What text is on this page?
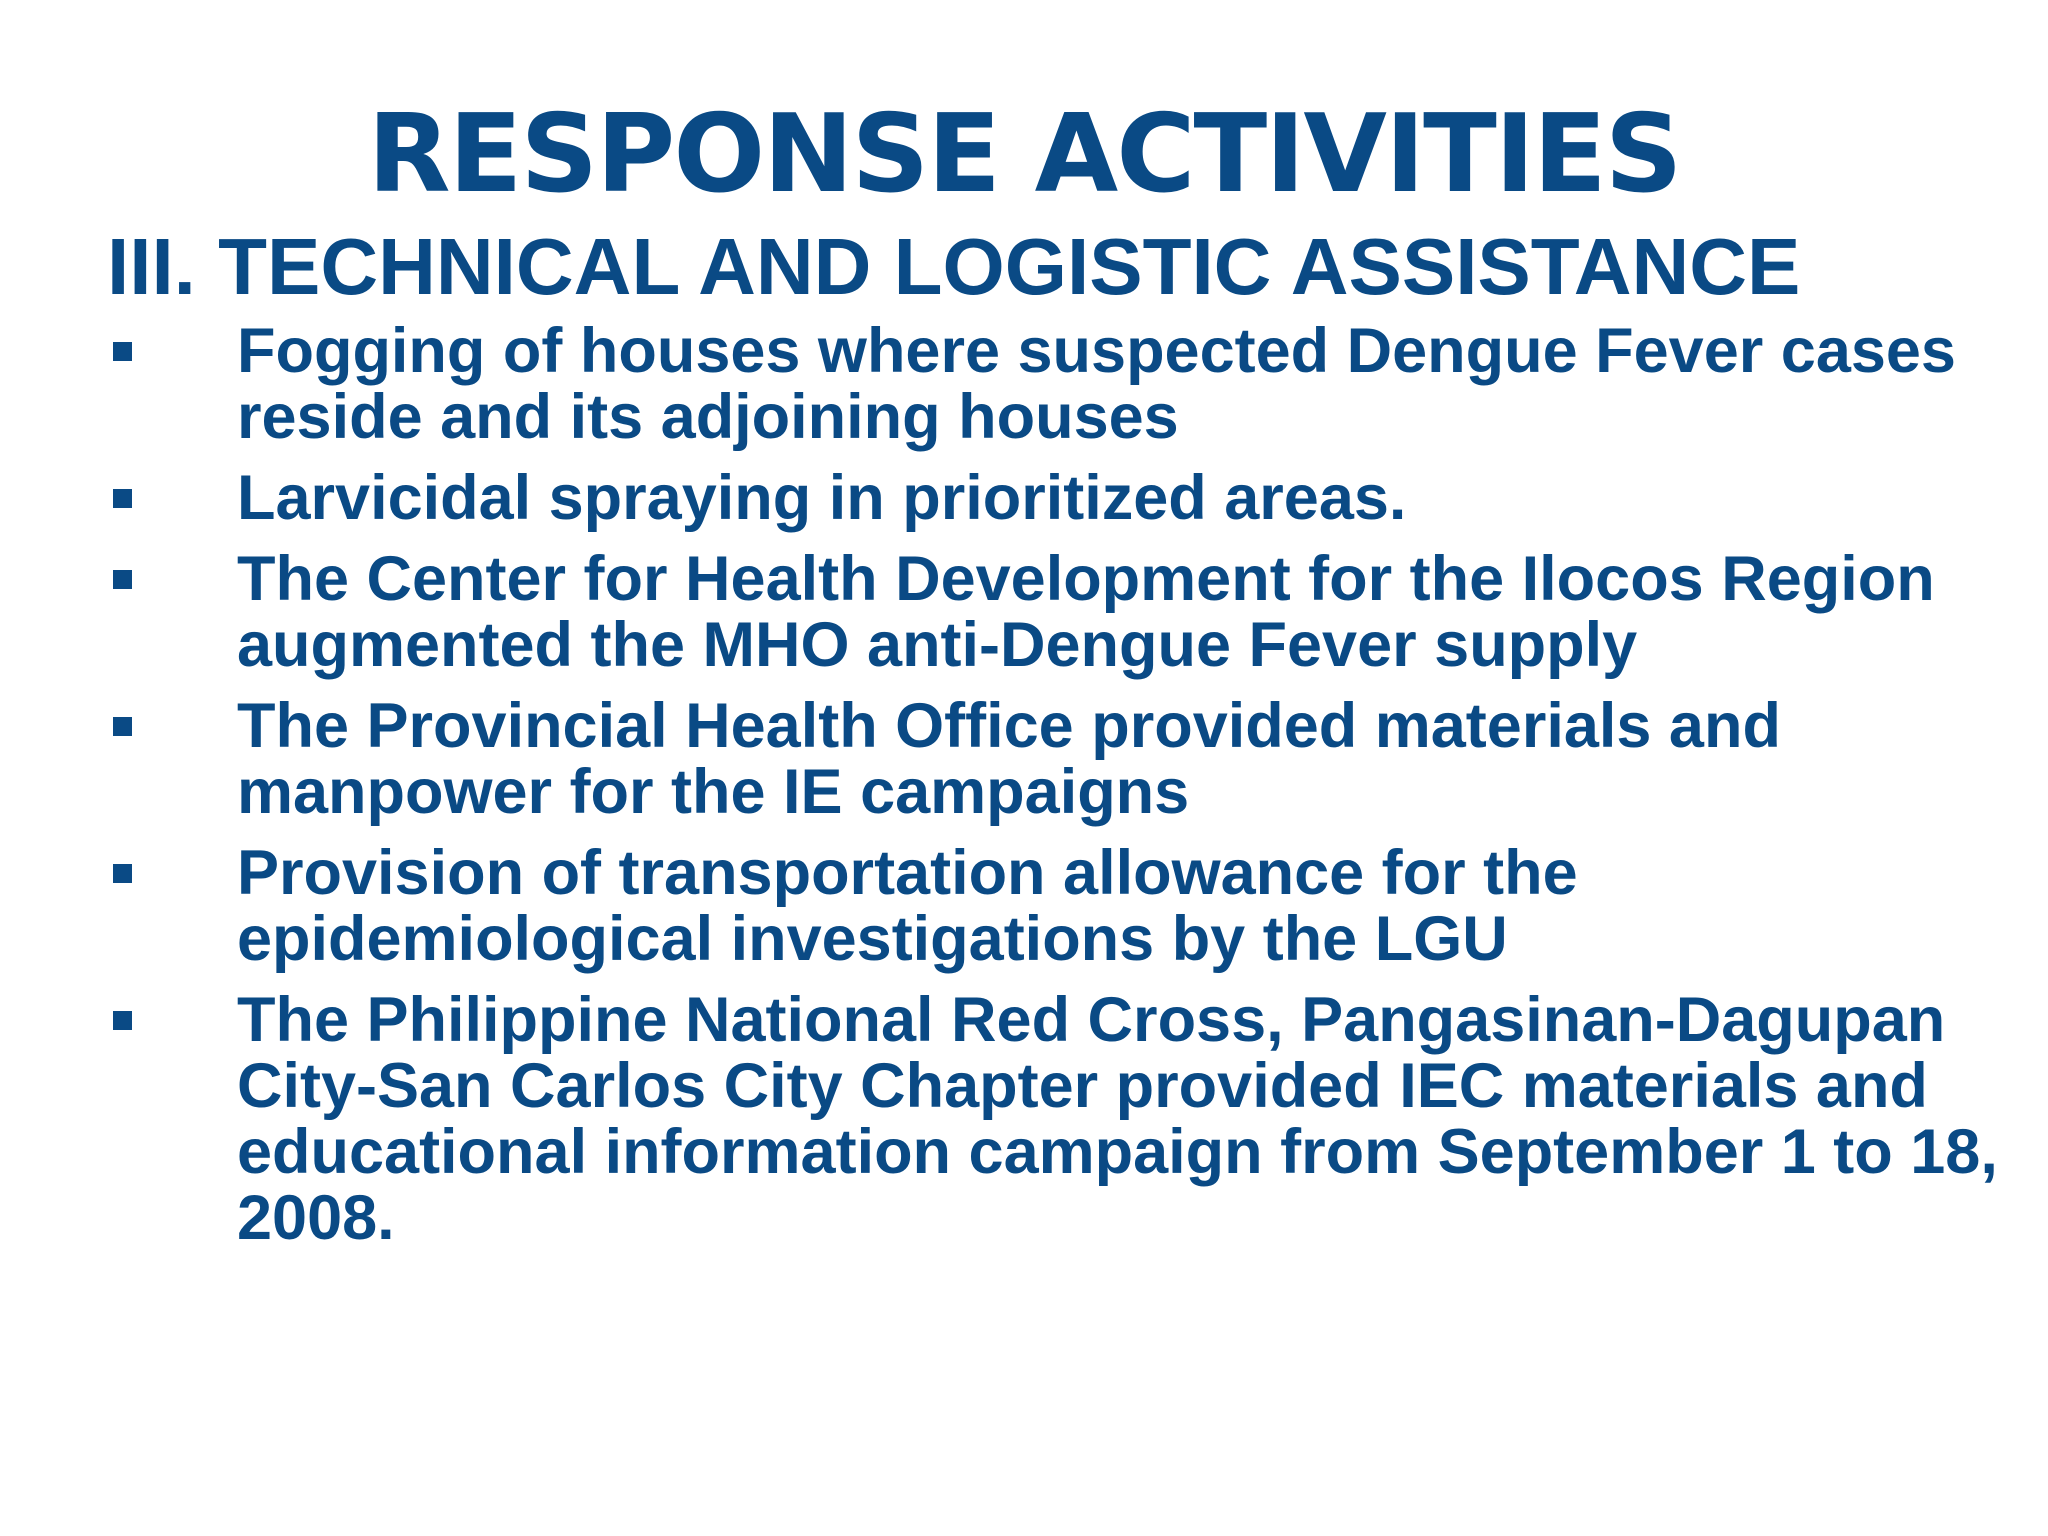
RESPONSE ACTIVITIES
III. TECHNICAL AND LOGISTIC ASSISTANCE
Fogging of houses where suspected Dengue Fever cases reside and its adjoining houses
Larvicidal spraying in prioritized areas.
The Center for Health Development for the Ilocos Region augmented the MHO anti-Dengue Fever supply
The Provincial Health Office provided materials and manpower for the IE campaigns
Provision of transportation allowance for the epidemiological investigations by the LGU
The Philippine National Red Cross, Pangasinan-Dagupan City-San Carlos City Chapter provided IEC materials and educational information campaign from September 1 to 18, 2008.
